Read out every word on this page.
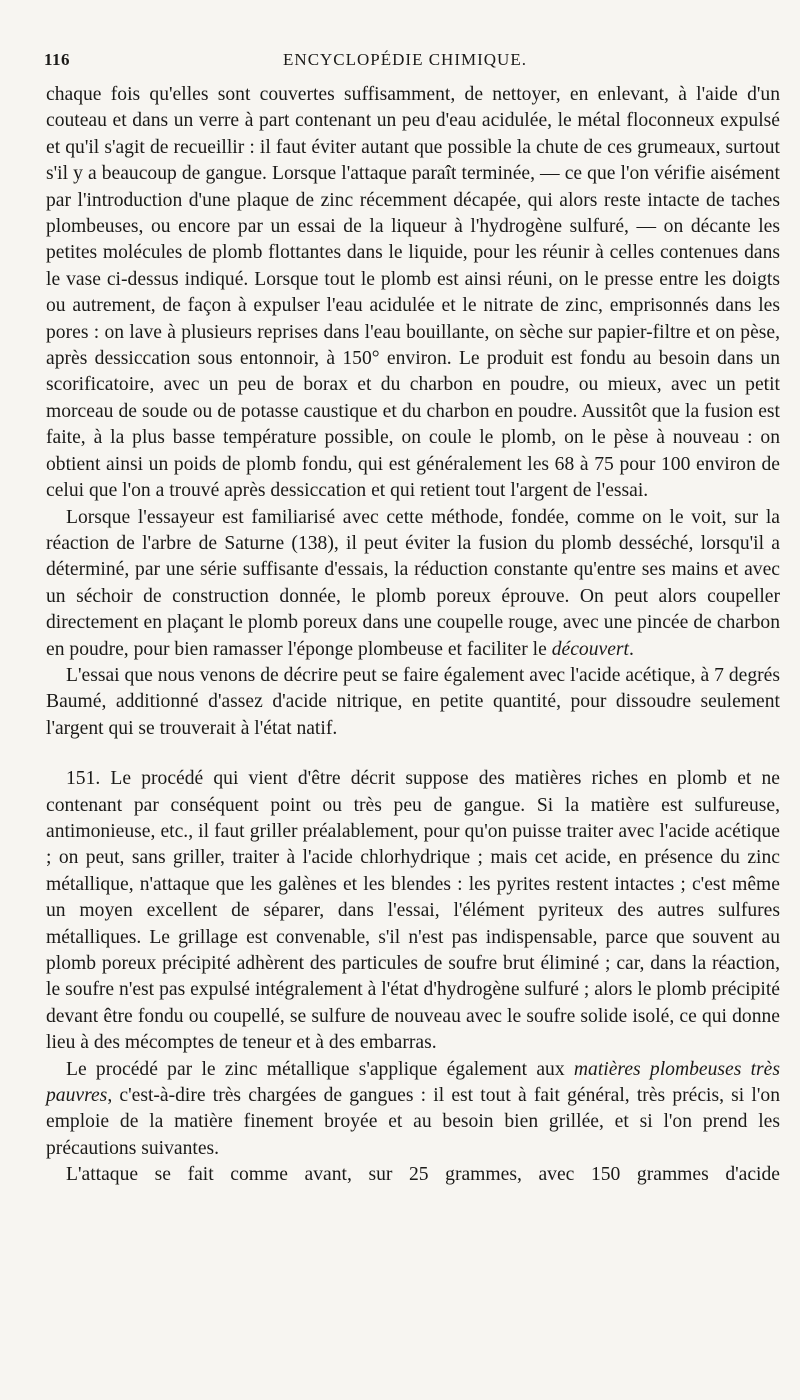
116	ENCYCLOPÉDIE CHIMIQUE.

chaque fois qu'elles sont couvertes suffisamment, de nettoyer, en enlevant, à l'aide d'un couteau et dans un verre à part contenant un peu d'eau acidulée, le métal floconneux expulsé et qu'il s'agit de recueillir : il faut éviter autant que possible la chute de ces grumeaux, surtout s'il y a beaucoup de gangue. Lorsque l'attaque paraît terminée, — ce que l'on vérifie aisément par l'introduction d'une plaque de zinc récemment décapée, qui alors reste intacte de taches plombeuses, ou encore par un essai de la liqueur à l'hydrogène sulfuré, — on décante les petites molécules de plomb flottantes dans le liquide, pour les réunir à celles contenues dans le vase ci-dessus indiqué. Lorsque tout le plomb est ainsi réuni, on le presse entre les doigts ou autrement, de façon à expulser l'eau acidulée et le nitrate de zinc, emprisonnés dans les pores : on lave à plusieurs reprises dans l'eau bouillante, on sèche sur papier-filtre et on pèse, après dessiccation sous entonnoir, à 150° environ. Le produit est fondu au besoin dans un scorificatoire, avec un peu de borax et du charbon en poudre, ou mieux, avec un petit morceau de soude ou de potasse caustique et du charbon en poudre. Aussitôt que la fusion est faite, à la plus basse température possible, on coule le plomb, on le pèse à nouveau : on obtient ainsi un poids de plomb fondu, qui est généralement les 68 à 75 pour 100 environ de celui que l'on a trouvé après dessiccation et qui retient tout l'argent de l'essai.

Lorsque l'essayeur est familiarisé avec cette méthode, fondée, comme on le voit, sur la réaction de l'arbre de Saturne (138), il peut éviter la fusion du plomb desséché, lorsqu'il a déterminé, par une série suffisante d'essais, la réduction constante qu'entre ses mains et avec un séchoir de construction donnée, le plomb poreux éprouve. On peut alors coupeller directement en plaçant le plomb poreux dans une coupelle rouge, avec une pincée de charbon en poudre, pour bien ramasser l'éponge plombeuse et faciliter le découvert.

L'essai que nous venons de décrire peut se faire également avec l'acide acétique, à 7 degrés Baumé, additionné d'assez d'acide nitrique, en petite quantité, pour dissoudre seulement l'argent qui se trouverait à l'état natif.

151. Le procédé qui vient d'être décrit suppose des matières riches en plomb et ne contenant par conséquent point ou très peu de gangue. Si la matière est sulfureuse, antimonieuse, etc., il faut griller préalablement, pour qu'on puisse traiter avec l'acide acétique ; on peut, sans griller, traiter à l'acide chlorhydrique ; mais cet acide, en présence du zinc métallique, n'attaque que les galènes et les blendes : les pyrites restent intactes ; c'est même un moyen excellent de séparer, dans l'essai, l'élément pyriteux des autres sulfures métalliques. Le grillage est convenable, s'il n'est pas indispensable, parce que souvent au plomb poreux précipité adhèrent des particules de soufre brut éliminé ; car, dans la réaction, le soufre n'est pas expulsé intégralement à l'état d'hydrogène sulfuré ; alors le plomb précipité devant être fondu ou coupellé, se sulfure de nouveau avec le soufre solide isolé, ce qui donne lieu à des mécomptes de teneur et à des embarras.

Le procédé par le zinc métallique s'applique également aux matières plombeuses très pauvres, c'est-à-dire très chargées de gangues : il est tout à fait général, très précis, si l'on emploie de la matière finement broyée et au besoin bien grillée, et si l'on prend les précautions suivantes.

L'attaque se fait comme avant, sur 25 grammes, avec 150 grammes d'acide
